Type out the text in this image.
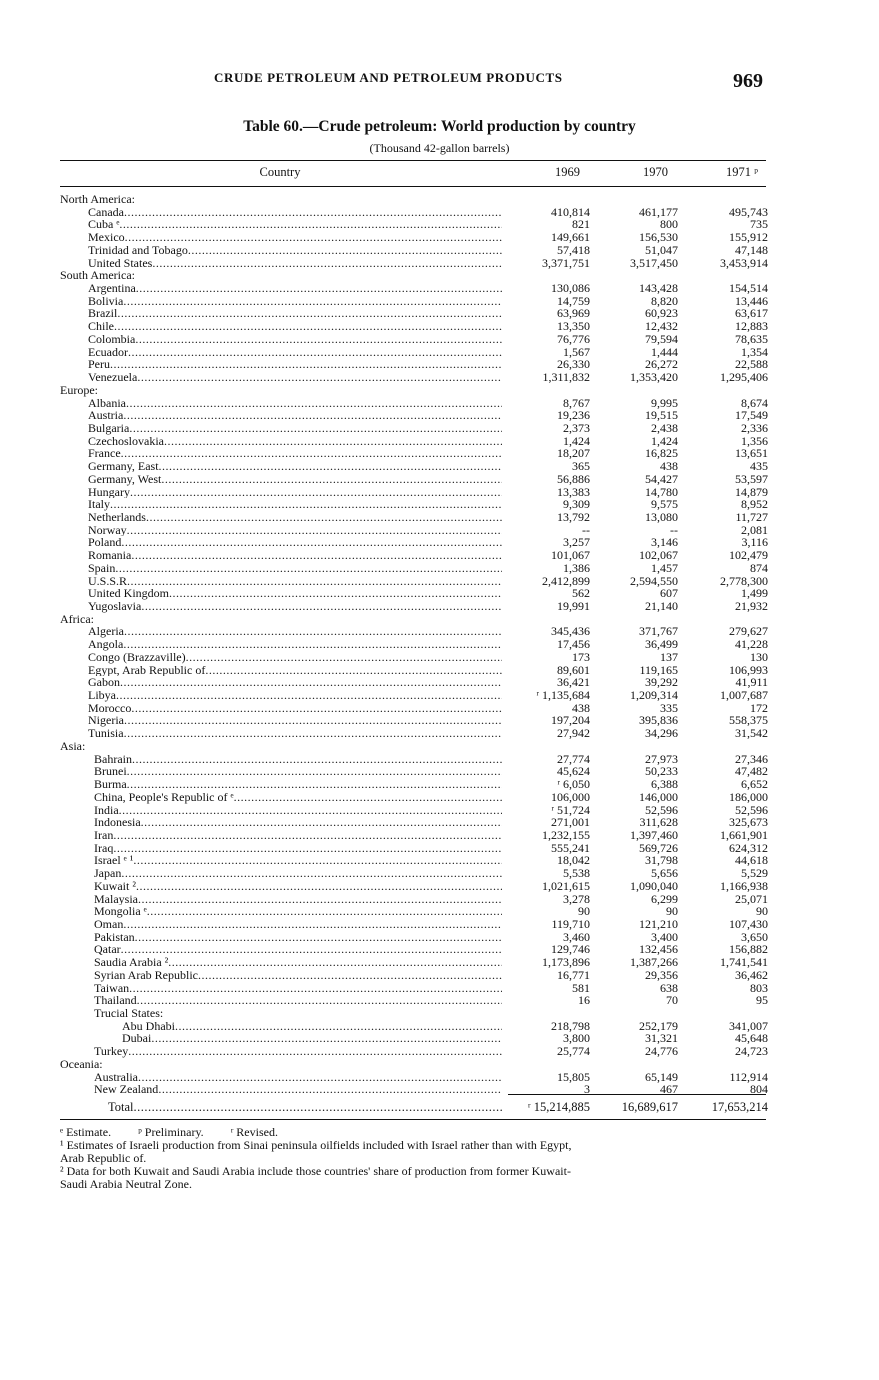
CRUDE PETROLEUM AND PETROLEUM PRODUCTS	969
Table 60.—Crude petroleum: World production by country
(Thousand 42-gallon barrels)
Country	1969	1970	1971 ᵖ
North America:
Canada .....	410,814	461,177	495,743
Cuba ᵉ .....	821	800	735
Mexico .....	149,661	156,530	155,912
Trinidad and Tobago .....	57,418	51,047	47,148
United States .....	3,371,751	3,517,450	3,453,914
South America:
Argentina .....	130,086	143,428	154,514
Bolivia .....	14,759	8,820	13,446
Brazil .....	63,969	60,923	63,617
Chile .....	13,350	12,432	12,883
Colombia .....	76,776	79,594	78,635
Ecuador .....	1,567	1,444	1,354
Peru .....	26,330	26,272	22,588
Venezuela .....	1,311,832	1,353,420	1,295,406
Europe:
Albania .....	8,767	9,995	8,674
Austria .....	19,236	19,515	17,549
Bulgaria .....	2,373	2,438	2,336
Czechoslovakia .....	1,424	1,424	1,356
France .....	18,207	16,825	13,651
Germany, East .....	365	438	435
Germany, West .....	56,886	54,427	53,597
Hungary .....	13,383	14,780	14,879
Italy .....	9,309	9,575	8,952
Netherlands .....	13,792	13,080	11,727
Norway .....	--	--	2,081
Poland .....	3,257	3,146	3,116
Romania .....	101,067	102,067	102,479
Spain .....	1,386	1,457	874
U.S.S.R .....	2,412,899	2,594,550	2,778,300
United Kingdom .....	562	607	1,499
Yugoslavia .....	19,991	21,140	21,932
Africa:
Algeria .....	345,436	371,767	279,627
Angola .....	17,456	36,499	41,228
Congo (Brazzaville) .....	173	137	130
Egypt, Arab Republic of .....	89,601	119,165	106,993
Gabon .....	36,421	39,292	41,911
Libya .....	ʳ 1,135,684	1,209,314	1,007,687
Morocco .....	438	335	172
Nigeria .....	197,204	395,836	558,375
Tunisia .....	27,942	34,296	31,542
Asia:
Bahrain .....	27,774	27,973	27,346
Brunei .....	45,624	50,233	47,482
Burma .....	ʳ 6,050	6,388	6,652
China, People's Republic of ᵉ .....	106,000	146,000	186,000
India .....	ʳ 51,724	52,596	52,596
Indonesia .....	271,001	311,628	325,673
Iran .....	1,232,155	1,397,460	1,661,901
Iraq .....	555,241	569,726	624,312
Israel ᵉ ¹ .....	18,042	31,798	44,618
Japan .....	5,538	5,656	5,529
Kuwait ² .....	1,021,615	1,090,040	1,166,938
Malaysia .....	3,278	6,299	25,071
Mongolia ᵉ .....	90	90	90
Oman .....	119,710	121,210	107,430
Pakistan .....	3,460	3,400	3,650
Qatar .....	129,746	132,456	156,882
Saudia Arabia ² .....	1,173,896	1,387,266	1,741,541
Syrian Arab Republic .....	16,771	29,356	36,462
Taiwan .....	581	638	803
Thailand .....	16	70	95
Trucial States:
Abu Dhabi .....	218,798	252,179	341,007
Dubai .....	3,800	31,321	45,648
Turkey .....	25,774	24,776	24,723
Oceania:
Australia .....	15,805	65,149	112,914
New Zealand .....	3	467	804
Total .....	ʳ 15,214,885	16,689,617	17,653,214

ᵉ Estimate. ᵖ Preliminary. ʳ Revised.

¹ Estimates of Israeli production from Sinai peninsula oilfields included with Israel rather than with Egypt,

Arab Republic of.

² Data for both Kuwait and Saudi Arabia include those countries' share of production from former Kuwait-

Saudi Arabia Neutral Zone.
